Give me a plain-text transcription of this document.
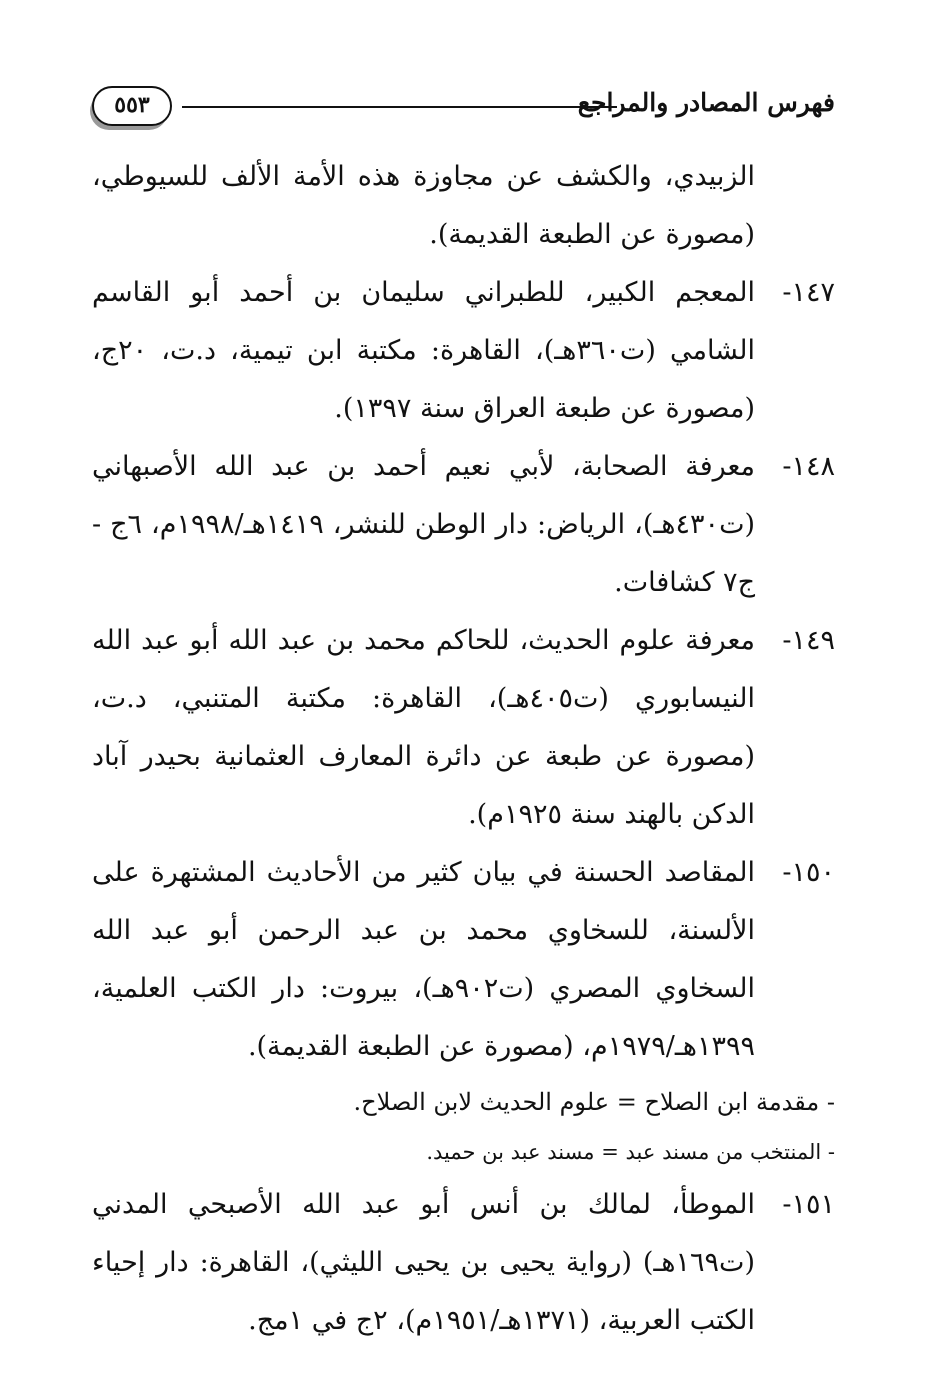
فهرس المصادر والمراجع
٥٥٣

الزبيدي، والكشف عن مجاوزة هذه الأمة الألف للسيوطي، (مصورة عن الطبعة القديمة).

١٤٧-
المعجم الكبير، للطبراني سليمان بن أحمد أبو القاسم الشامي (ت٣٦٠هـ)، القاهرة: مكتبة ابن تيمية، د.ت، ٢٠ج، (مصورة عن طبعة العراق سنة ١٣٩٧).
١٤٨-
معرفة الصحابة، لأبي نعيم أحمد بن عبد الله الأصبهاني (ت٤٣٠هـ)، الرياض: دار الوطن للنشر، ١٤١٩هـ/١٩٩٨م، ٦ج - ج٧ كشافات.
١٤٩-
معرفة علوم الحديث، للحاكم محمد بن عبد الله أبو عبد الله النيسابوري (ت٤٠٥هـ)، القاهرة: مكتبة المتنبي، د.ت، (مصورة عن طبعة عن دائرة المعارف العثمانية بحيدر آباد الدكن بالهند سنة ١٩٢٥م).
١٥٠-
المقاصد الحسنة في بيان كثير من الأحاديث المشتهرة على الألسنة، للسخاوي محمد بن عبد الرحمن أبو عبد الله السخاوي المصري (ت٩٠٢هـ)، بيروت: دار الكتب العلمية، ١٣٩٩هـ/١٩٧٩م، (مصورة عن الطبعة القديمة).

- مقدمة ابن الصلاح = علوم الحديث لابن الصلاح.

- المنتخب من مسند عبد = مسند عبد بن حميد.

١٥١-
الموطأ، لمالك بن أنس أبو عبد الله الأصبحي المدني (ت١٦٩هـ) (رواية يحيى بن يحيى الليثي)، القاهرة: دار إحياء الكتب العربية، (١٣٧١هـ/١٩٥١م)، ٢ج في ١مج.
